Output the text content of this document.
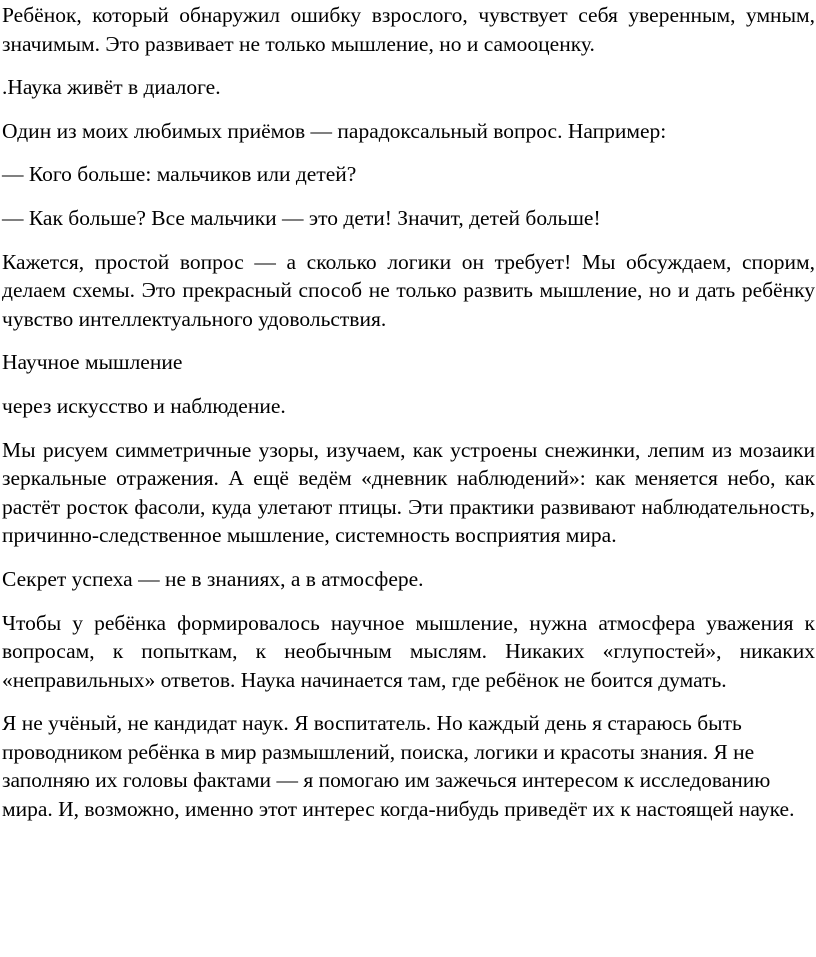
Ребёнок, который обнаружил ошибку взрослого, чувствует себя уверенным, умным, значимым. Это развивает не только мышление, но и самооценку.

.Наука живёт в диалоге.

Один из моих любимых приёмов — парадоксальный вопрос. Например:

— Кого больше: мальчиков или детей?

— Как больше? Все мальчики — это дети! Значит, детей больше!

Кажется, простой вопрос — а сколько логики он требует! Мы обсуждаем, спорим, делаем схемы. Это прекрасный способ не только развить мышление, но и дать ребёнку чувство интеллектуального удовольствия.

Научное мышление

через искусство и наблюдение.

Мы рисуем симметричные узоры, изучаем, как устроены снежинки, лепим из мозаики зеркальные отражения. А ещё ведём «дневник наблюдений»: как меняется небо, как растёт росток фасоли, куда улетают птицы. Эти практики развивают наблюдательность, причинно-следственное мышление, системность восприятия мира.

Секрет успеха — не в знаниях, а в атмосфере.

Чтобы у ребёнка формировалось научное мышление, нужна атмосфера уважения к вопросам, к попыткам, к необычным мыслям. Никаких «глупостей», никаких «неправильных» ответов. Наука начинается там, где ребёнок не боится думать.

Я не учёный, не кандидат наук. Я воспитатель. Но каждый день я стараюсь быть проводником ребёнка в мир размышлений, поиска, логики и красоты знания. Я не заполняю их головы фактами — я помогаю им зажечься интересом к исследованию мира. И, возможно, именно этот интерес когда-нибудь приведёт их к настоящей науке.
